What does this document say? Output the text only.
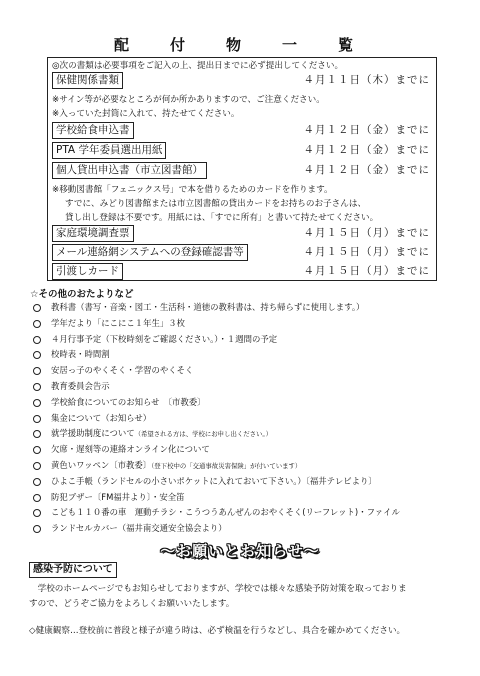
配　付　物　一　覧
◎次の書類は必要事項をご記入の上、提出日までに必ず提出してください。
保健関係書類	４月１１日（木）までに
※サイン等が必要なところが何か所かありますので、ご注意ください。
※入っていた封筒に入れて、持たせてください。
学校給食申込書	４月１２日（金）までに
PTA 学年委員選出用紙	４月１２日（金）までに
個人貸出申込書（市立図書館）	４月１２日（金）までに
※移動図書館「フェニックス号」で本を借りるためのカードを作ります。
すでに、みどり図書館または市立図書館の貸出カードをお持ちのお子さんは、
貸し出し登録は不要です。用紙には、「すでに所有」と書いて持たせてください。
家庭環境調査票	４月１５日（月）までに
メール連絡網システムへの登録確認書等	４月１５日（月）までに
引渡しカード	４月１５日（月）までに
☆その他のおたよりなど
教科書（書写・音楽・図工・生活科・道徳の教科書は、持ち帰らずに使用します。）
学年だより「にこにこ１年生」３枚
４月行事予定（下校時刻をご確認ください。）・１週間の予定
校時表・時間割
安居っ子のやくそく・学習のやくそく
教育委員会告示
学校給食についてのお知らせ　〔市教委〕
集金について（お知らせ）
就学援助制度について（希望される方は、学校にお申し出ください。）
欠席・遅刻等の連絡オンライン化について
黄色いワッペン〔市教委〕（登下校中の「交通事故災害保険」が付いています）
ひよこ手帳（ランドセルの小さいポケットに入れておいて下さい。）〔福井テレビより〕
防犯ブザー〔FM福井より〕・安全笛
こども１１０番の車　運動チラシ・こうつうあんぜんのおやくそく(リーフレット)・ファイル
ランドセルカバー（福井南交通安全協会より）
～お願いとお知らせ～
感染予防について
　学校のホームページでもお知らせしておりますが、学校では様々な感染予防対策を取っておりま
すので、どうぞご協力をよろしくお願いいたします。
◇健康観察…登校前に普段と様子が違う時は、必ず検温を行うなどし、具合を確かめてください。
